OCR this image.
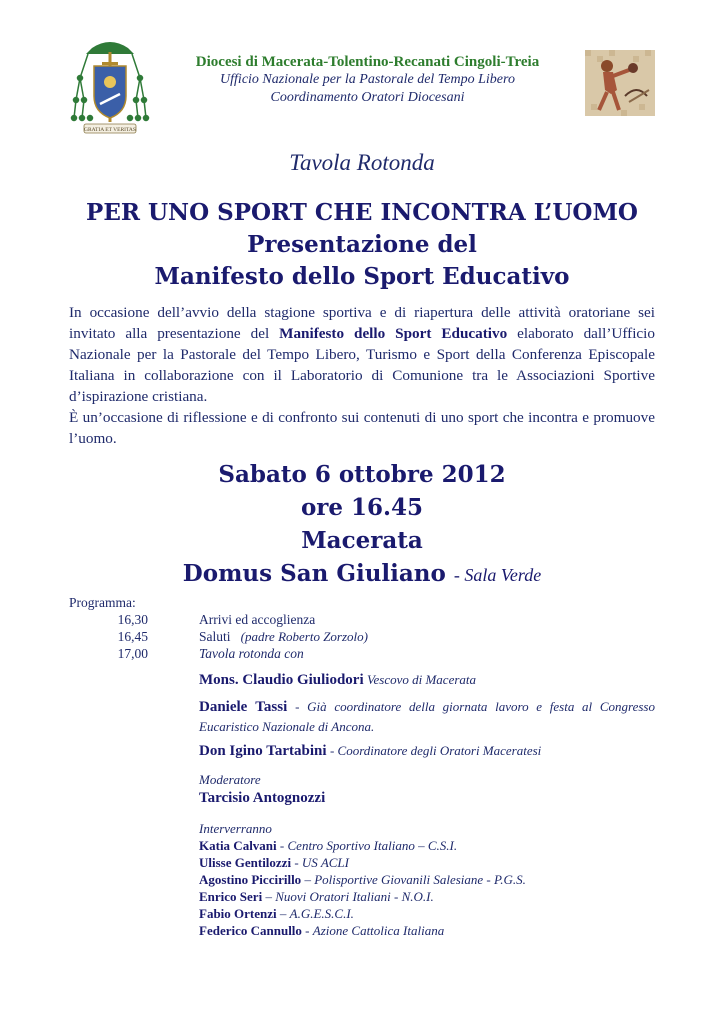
GRATIA ET VERITAS
Diocesi di Macerata-Tolentino-Recanati Cingoli-Treia
Ufficio Nazionale per la Pastorale del Tempo Libero
Coordinamento Oratori Diocesani
Tavola Rotonda
PER UNO SPORT CHE INCONTRA L’UOMO
Presentazione del
Manifesto dello Sport Educativo
In occasione dell’avvio della stagione sportiva e di riapertura delle attività oratoriane sei invitato alla presentazione del Manifesto dello Sport Educativo elaborato dall’Ufficio Nazionale per la Pastorale del Tempo Libero, Turismo e Sport della Conferenza Episcopale Italiana in collaborazione con il Laboratorio di Comunione tra le Associazioni Sportive d’ispirazione cristiana.
È un’occasione di riflessione e di confronto sui contenuti di uno sport che incontra e promuove l’uomo.
Sabato 6 ottobre 2012
ore 16.45
Macerata
Domus San Giuliano - Sala Verde
Programma:
16,30	Arrivi ed accoglienza
16,45	Saluti (padre Roberto Zorzolo)
17,00	Tavola rotonda con
Mons. Claudio Giuliodori Vescovo di Macerata
Daniele Tassi - Già coordinatore della giornata lavoro e festa al Congresso Eucaristico Nazionale di Ancona.
Don Igino Tartabini - Coordinatore degli Oratori Maceratesi
Moderatore
Tarcisio Antognozzi
Interverranno
Katia Calvani - Centro Sportivo Italiano – C.S.I.
Ulisse Gentilozzi - US ACLI
Agostino Piccirillo – Polisportive Giovanili Salesiane - P.G.S.
Enrico Seri – Nuovi Oratori Italiani - N.O.I.
Fabio Ortenzi – A.G.E.S.C.I.
Federico Cannullo - Azione Cattolica Italiana
